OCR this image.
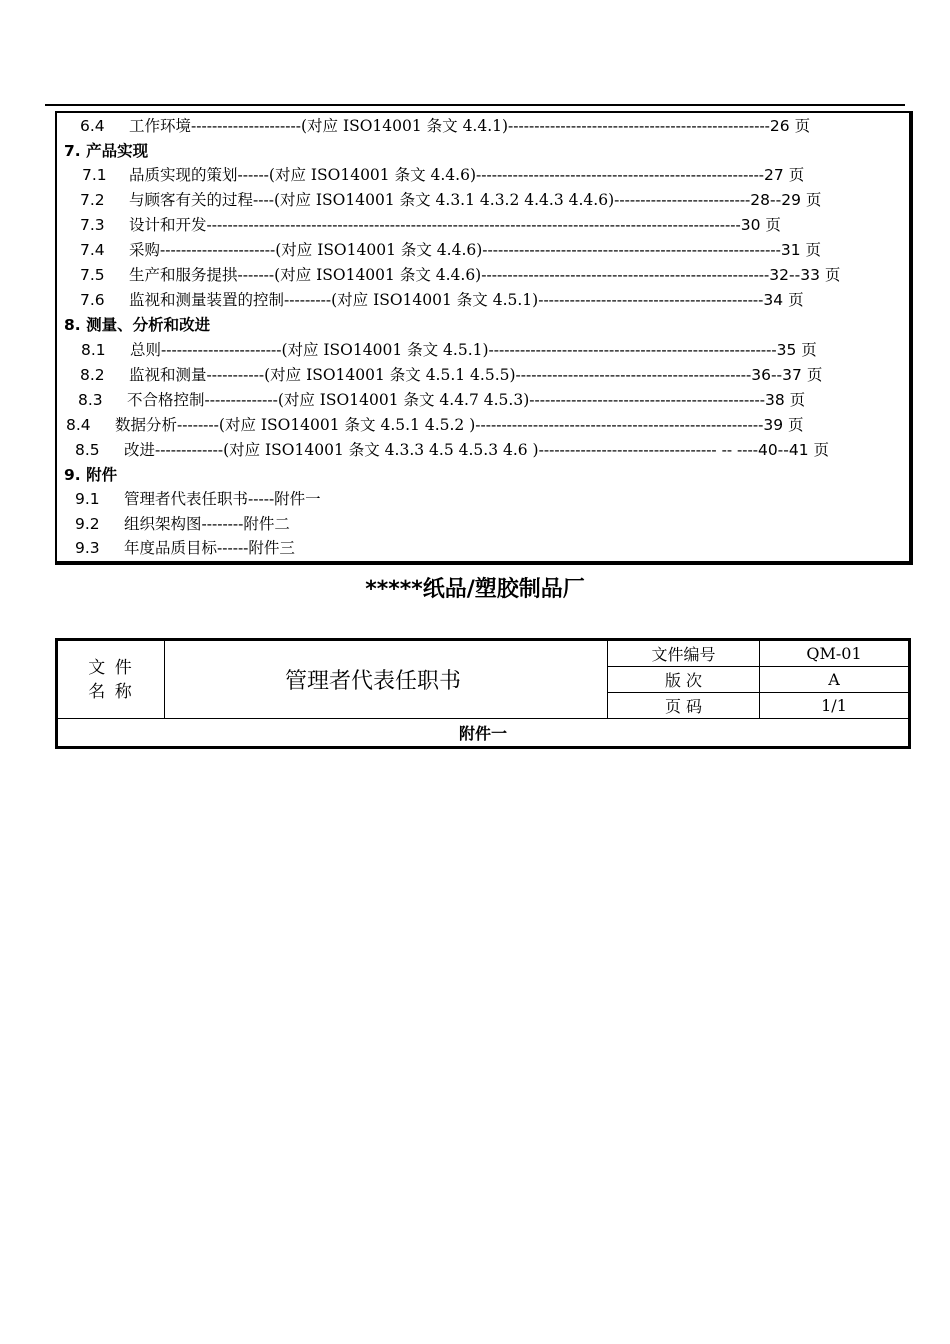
6.4 工作环境---------------------(对应 ISO14001 条文 4.4.1)--------------------------------------------------26 页
7. 产品实现
7.1 品质实现的策划------(对应 ISO14001 条文 4.4.6)-------------------------------------------------------27 页
7.2 与顾客有关的过程----(对应 ISO14001 条文 4.3.1 4.3.2 4.4.3 4.4.6)--------------------------28--29 页
7.3 设计和开发------------------------------------------------------------------------------------------------------30 页
7.4 采购----------------------(对应 ISO14001 条文 4.4.6)---------------------------------------------------------31 页
7.5 生产和服务提拱-------(对应 ISO14001 条文 4.4.6)-------------------------------------------------------32--33 页
7.6 监视和测量装置的控制---------(对应 ISO14001 条文 4.5.1)-------------------------------------------34 页
8. 测量、分析和改进
8.1 总则-----------------------(对应 ISO14001 条文 4.5.1)-------------------------------------------------------35 页
8.2 监视和测量-----------(对应 ISO14001 条文 4.5.1 4.5.5)---------------------------------------------36--37 页
8.3 不合格控制--------------(对应 ISO14001 条文 4.4.7 4.5.3)---------------------------------------------38 页
8.4 数据分析--------(对应 ISO14001 条文 4.5.1 4.5.2 )-------------------------------------------------------39 页
8.5 改进-------------(对应 ISO14001 条文 4.3.3 4.5 4.5.3 4.6 )---------------------------------- -- ----40--41 页
9. 附件
9.1 管理者代表任职书-----附件一
9.2 组织架构图--------附件二
9.3 年度品质目标------附件三
*****纸品/塑胶制品厂
文 件
名 称	管理者代表任职书	文件编号	QM-01
		版 次	A
		页 码	1/1
附件一			
